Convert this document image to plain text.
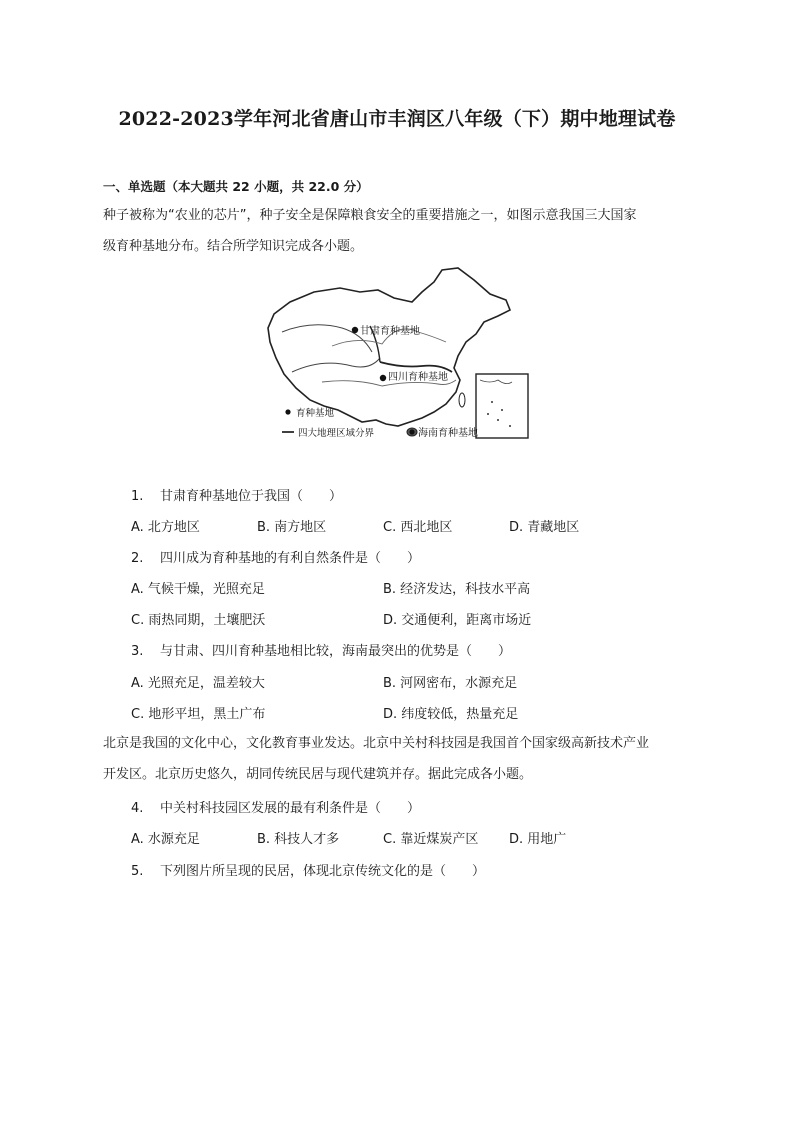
2022-2023学年河北省唐山市丰润区八年级（下）期中地理试卷
一、单选题（本大题共 22 小题，共 22.0 分）
种子被称为“农业的芯片”，种子安全是保障粮食安全的重要措施之一，如图示意我国三大国家
级育种基地分布。结合所学知识完成各小题。
甘肃育种基地
四川育种基地
海南育种基地
育种基地
四大地理区域分界
1. 甘肃育种基地位于我国（　　）
A. 北方地区	B. 南方地区	C. 西北地区	D. 青藏地区
2. 四川成为育种基地的有利自然条件是（　　）
A. 气候干燥，光照充足	B. 经济发达，科技水平高
C. 雨热同期，土壤肥沃	D. 交通便利，距离市场近
3. 与甘肃、四川育种基地相比较，海南最突出的优势是（　　）
A. 光照充足，温差较大	B. 河网密布，水源充足
C. 地形平坦，黑土广布	D. 纬度较低，热量充足
北京是我国的文化中心，文化教育事业发达。北京中关村科技园是我国首个国家级高新技术产业
开发区。北京历史悠久，胡同传统民居与现代建筑并存。据此完成各小题。
4. 中关村科技园区发展的最有利条件是（　　）
A. 水源充足	B. 科技人才多	C. 靠近煤炭产区 D. 用地广
5. 下列图片所呈现的民居，体现北京传统文化的是（　　）
